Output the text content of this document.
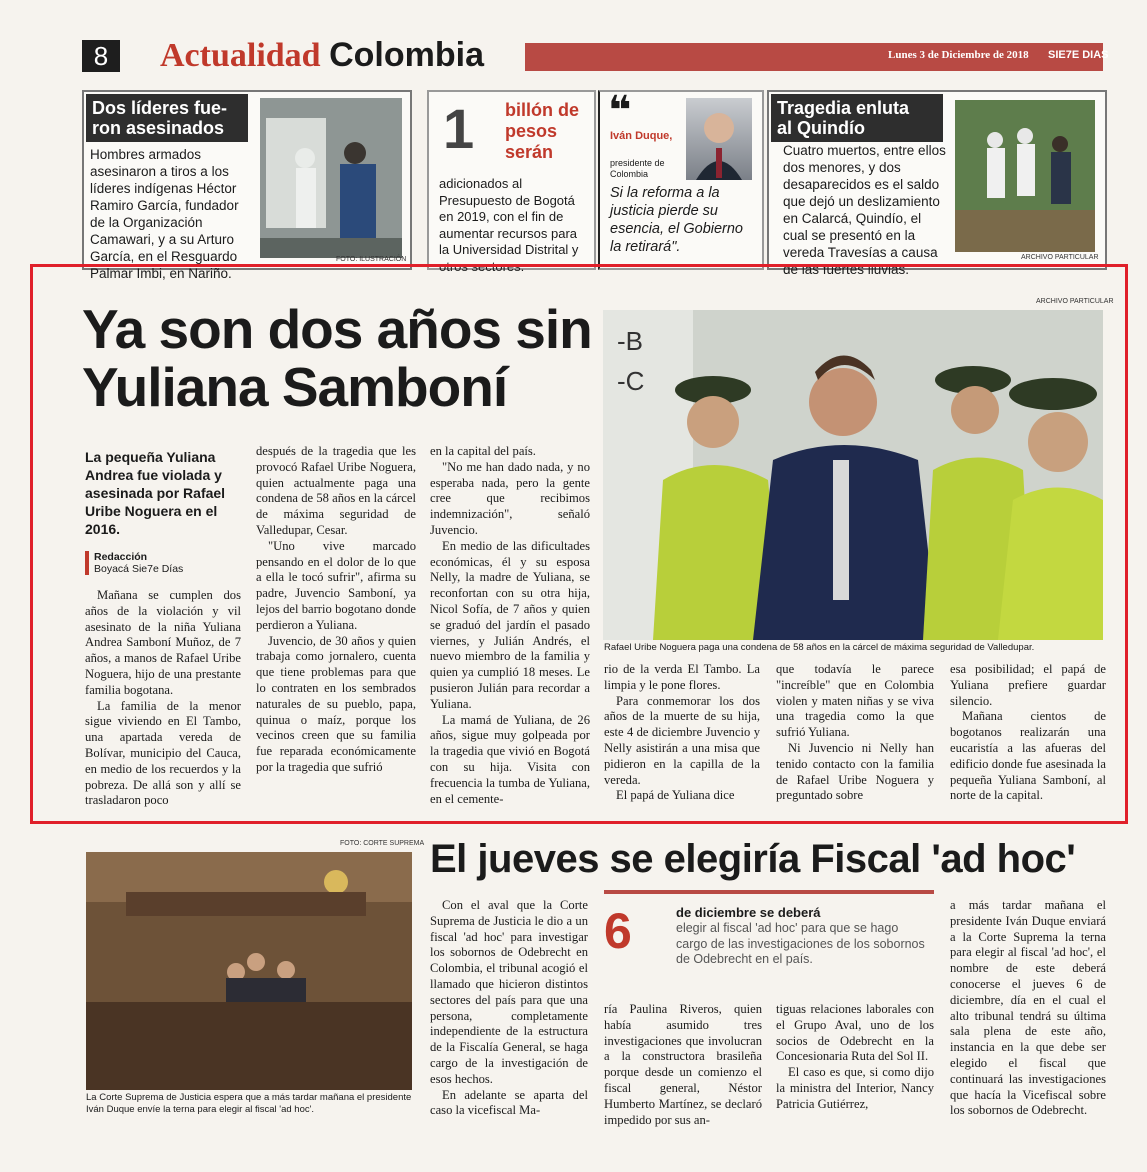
8	Actualidad Colombia	Lunes 3 de Diciembre de 2018 SIE7E DIAS
Dos líderes fue-
ron asesinados
Hombres armados asesinaron a tiros a los líderes indígenas Héctor Ramiro García, fundador de la Organización Camawari, y a su Arturo García, en el Resguardo Palmar Imbi, en Nariño.
FOTO: ILUSTRACIÓN
1 billón de pesos serán
adicionados al Presupuesto de Bogotá en 2019, con el fin de aumentar recursos para la Universidad Distrital y otros sectores.
❝
Iván Duque,
presidente de Colombia
Si la reforma a la justicia pierde su esencia, el Gobierno la retirará".
Tragedia enluta
al Quindío
Cuatro muertos, entre ellos dos menores, y dos desaparecidos es el saldo que dejó un deslizamiento en Calarcá, Quindío, el cual se presentó en la vereda Travesías a causa de las fuertes lluvias.
ARCHIVO PARTICULAR
Ya son dos años sin
Yuliana Samboní
La pequeña Yuliana Andrea fue violada y asesinada por Rafael Uribe Noguera en el 2016.
Redacción
Boyacá Sie7e Días

Mañana se cumplen dos años de la violación y vil asesinato de la niña Yuliana Andrea Samboní Muñoz, de 7 años, a manos de Rafael Uribe Noguera, hijo de una prestante familia bogotana.

La familia de la menor sigue viviendo en El Tambo, una apartada vereda de Bolívar, municipio del Cauca, en medio de los recuerdos y la pobreza. De allá son y allí se trasladaron poco

después de la tragedia que les provocó Rafael Uribe Noguera, quien actualmente paga una condena de 58 años en la cárcel de máxima seguridad de Valledupar, Cesar.

"Uno vive marcado pensando en el dolor de lo que a ella le tocó sufrir", afirma su padre, Juvencio Samboní, ya lejos del barrio bogotano donde perdieron a Yuliana.

Juvencio, de 30 años y quien trabaja como jornalero, cuenta que tiene problemas para que lo contraten en los sembrados naturales de su pueblo, papa, quinua o maíz, porque los vecinos creen que su familia fue reparada económicamente por la tragedia que sufrió

en la capital del país.

"No me han dado nada, y no esperaba nada, pero la gente cree que recibimos indemnización", señaló Juvencio.

En medio de las dificultades económicas, él y su esposa Nelly, la madre de Yuliana, se reconfortan con su otra hija, Nicol Sofía, de 7 años y quien se graduó del jardín el pasado viernes, y Julián Andrés, el nuevo miembro de la familia y quien ya cumplió 18 meses. Le pusieron Julián para recordar a Yuliana.

La mamá de Yuliana, de 26 años, sigue muy golpeada por la tragedia que vivió en Bogotá con su hija. Visita con frecuencia la tumba de Yuliana, en el cemente-

ARCHIVO PARTICULAR
-B
-C
Rafael Uribe Noguera paga una condena de 58 años en la cárcel de máxima seguridad de Valledupar.

rio de la verda El Tambo. La limpia y le pone flores.

Para conmemorar los dos años de la muerte de su hija, este 4 de diciembre Juvencio y Nelly asistirán a una misa que pidieron en la capilla de la vereda.

El papá de Yuliana dice

que todavía le parece "increíble" que en Colombia violen y maten niñas y se viva una tragedia como la que sufrió Yuliana.

Ni Juvencio ni Nelly han tenido contacto con la familia de Rafael Uribe Noguera y preguntado sobre

esa posibilidad; el papá de Yuliana prefiere guardar silencio.

Mañana cientos de bogotanos realizarán una eucaristía a las afueras del edificio donde fue asesinada la pequeña Yuliana Samboní, al norte de la capital.

FOTO: CORTE SUPREMA
La Corte Suprema de Justicia espera que a más tardar mañana el presidente Iván Duque envíe la terna para elegir al fiscal 'ad hoc'.
El jueves se elegiría Fiscal 'ad hoc'

Con el aval que la Corte Suprema de Justicia le dio a un fiscal 'ad hoc' para investigar los sobornos de Odebrecht en Colombia, el tribunal acogió el llamado que hicieron distintos sectores del país para que una persona, completamente independiente de la estructura de la Fiscalía General, se haga cargo de la investigación de esos hechos.

En adelante se aparta del caso la vicefiscal Ma-

6	de diciembre se deberá
elegir al fiscal 'ad hoc' para que se hago cargo de las investigaciones de los sobornos de Odebrecht en el país.

ría Paulina Riveros, quien había asumido tres investigaciones que involucran a la constructora brasileña porque desde un comienzo el fiscal general, Néstor Humberto Martínez, se declaró impedido por sus an-

tiguas relaciones laborales con el Grupo Aval, uno de los socios de Odebrecht en la Concesionaria Ruta del Sol II.

El caso es que, si como dijo la ministra del Interior, Nancy Patricia Gutiérrez,

a más tardar mañana el presidente Iván Duque enviará a la Corte Suprema la terna para elegir al fiscal 'ad hoc', el nombre de este deberá conocerse el jueves 6 de diciembre, día en el cual el alto tribunal tendrá su última sala plena de este año, instancia en la que debe ser elegido el fiscal que continuará las investigaciones que hacía la Vicefiscal sobre los sobornos de Odebrecht.
